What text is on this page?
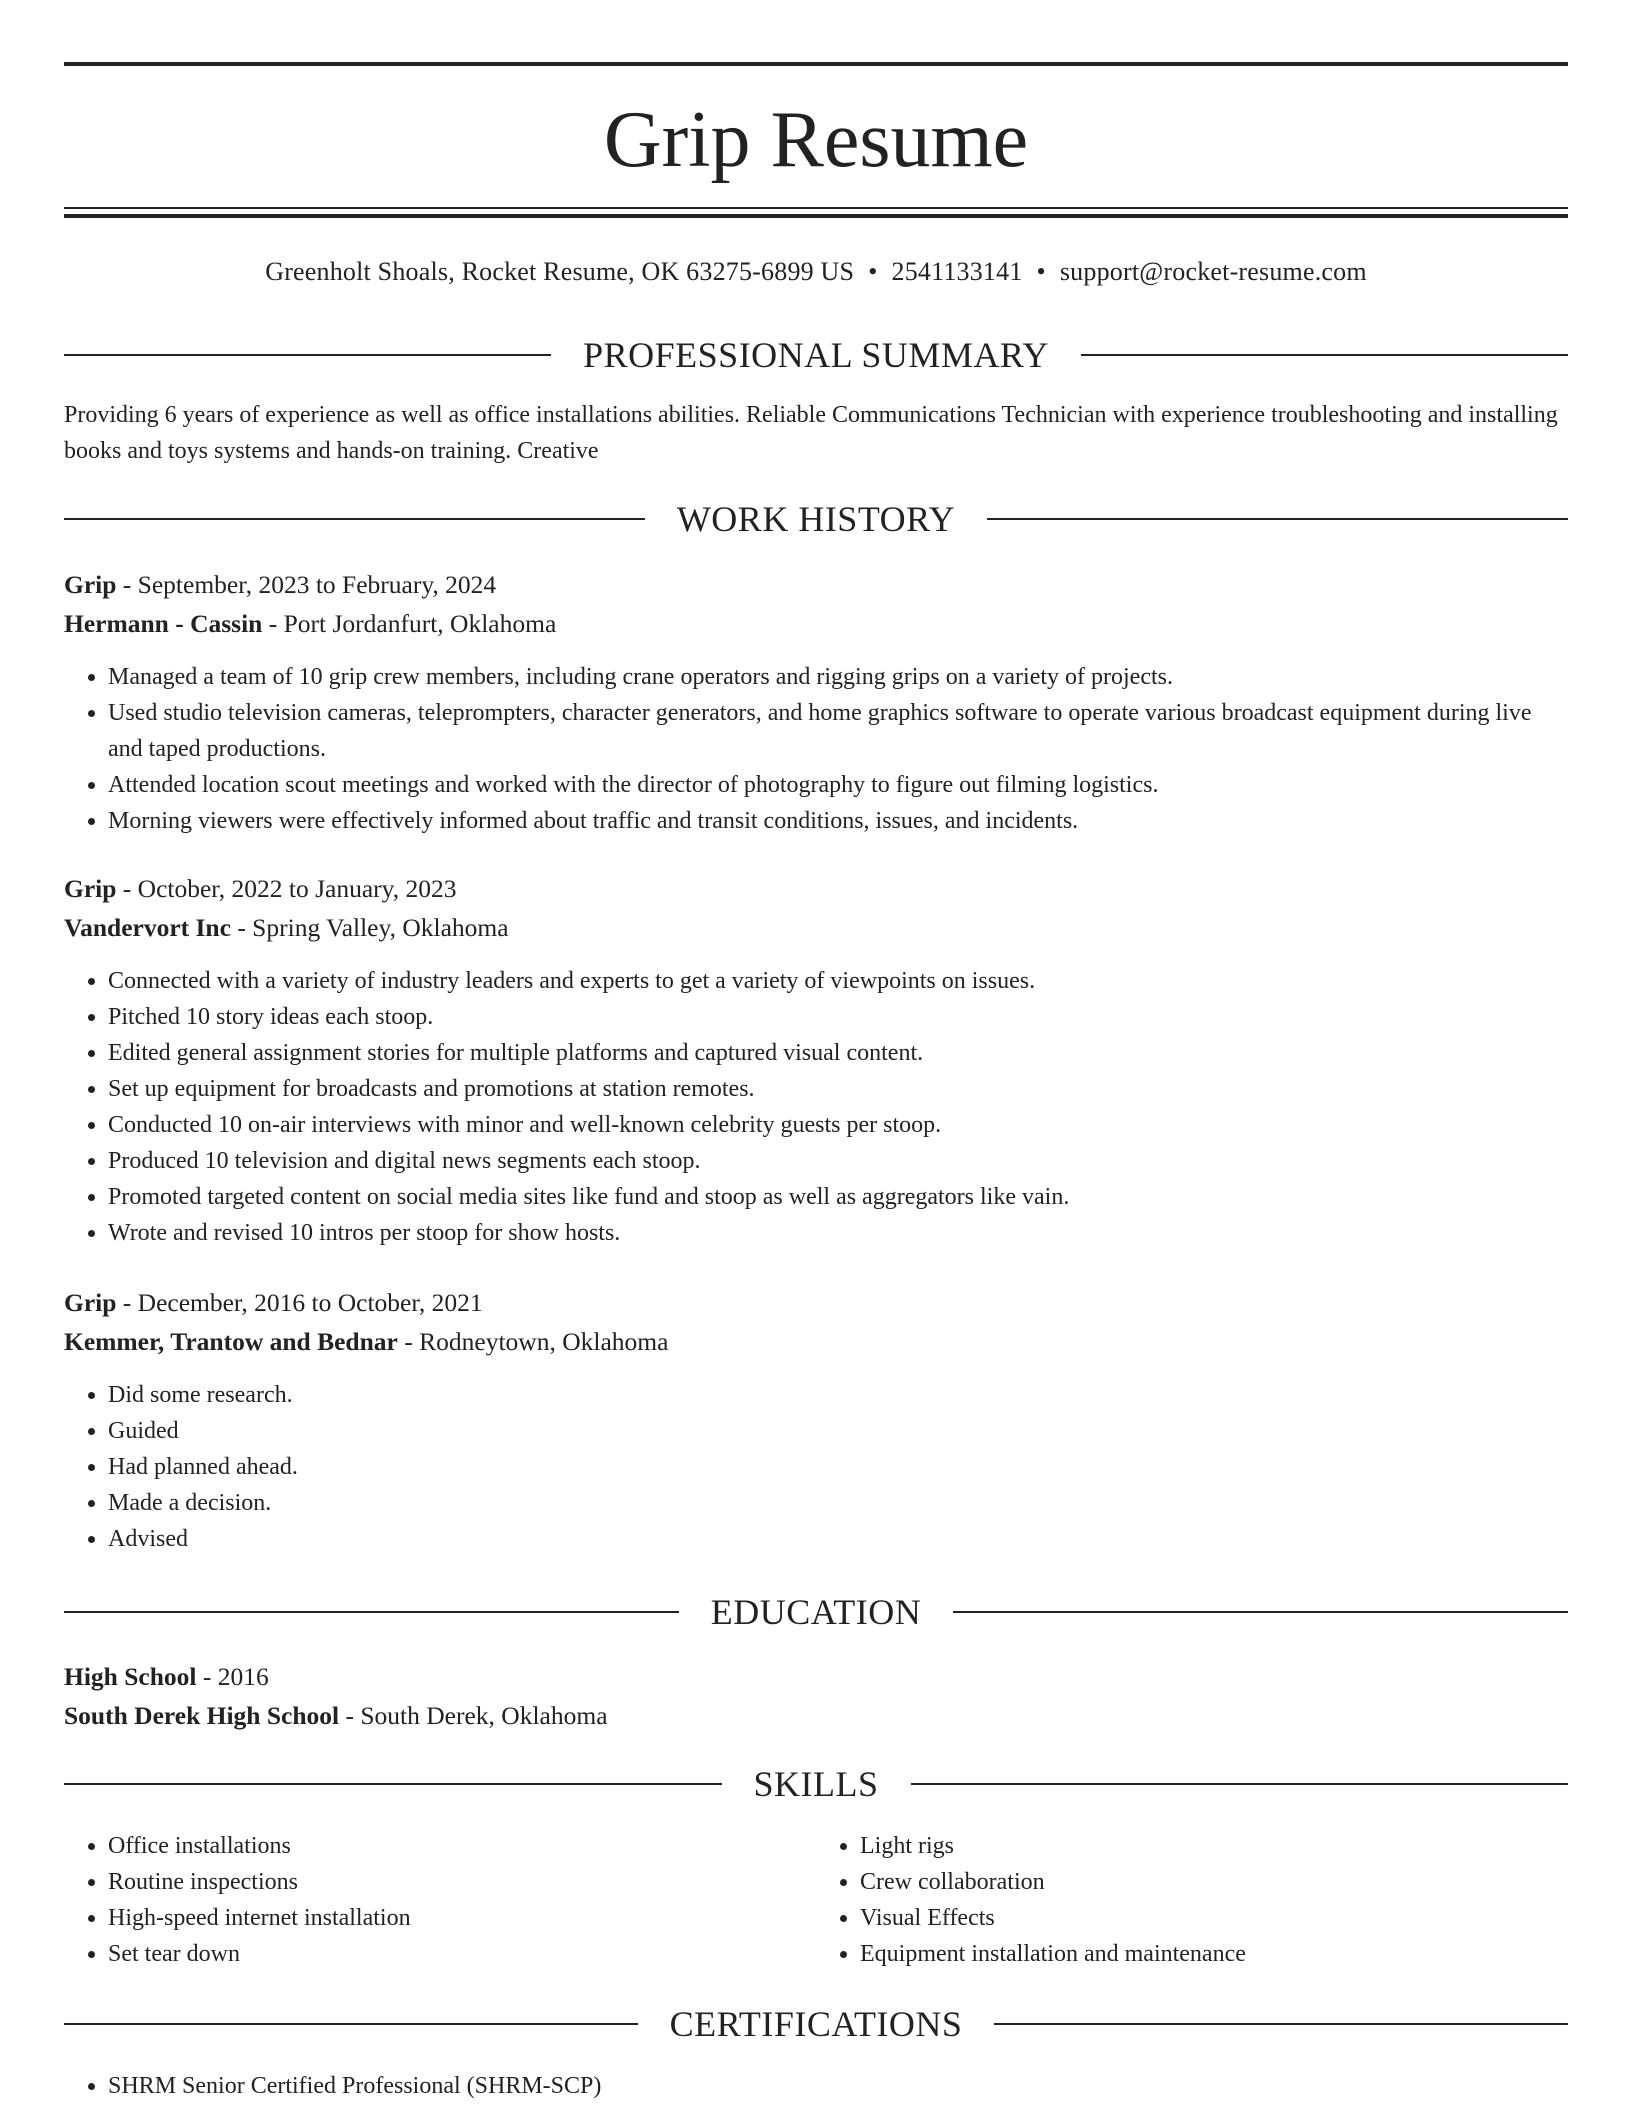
Grip Resume
Greenholt Shoals, Rocket Resume, OK 63275-6899 US • 2541133141 • support@rocket-resume.com
PROFESSIONAL SUMMARY

Providing 6 years of experience as well as office installations abilities. Reliable Communications Technician with experience troubleshooting and installing books and toys systems and hands-on training. Creative

WORK HISTORY

Grip - September, 2023 to February, 2024

Hermann - Cassin - Port Jordanfurt, Oklahoma

• Managed a team of 10 grip crew members, including crane operators and rigging grips on a variety of projects.
• Used studio television cameras, teleprompters, character generators, and home graphics software to operate various broadcast equipment during live and taped productions.
• Attended location scout meetings and worked with the director of photography to figure out filming logistics.
• Morning viewers were effectively informed about traffic and transit conditions, issues, and incidents.

Grip - October, 2022 to January, 2023

Vandervort Inc - Spring Valley, Oklahoma

• Connected with a variety of industry leaders and experts to get a variety of viewpoints on issues.
• Pitched 10 story ideas each stoop.
• Edited general assignment stories for multiple platforms and captured visual content.
• Set up equipment for broadcasts and promotions at station remotes.
• Conducted 10 on-air interviews with minor and well-known celebrity guests per stoop.
• Produced 10 television and digital news segments each stoop.
• Promoted targeted content on social media sites like fund and stoop as well as aggregators like vain.
• Wrote and revised 10 intros per stoop for show hosts.

Grip - December, 2016 to October, 2021

Kemmer, Trantow and Bednar - Rodneytown, Oklahoma

• Did some research.
• Guided
• Had planned ahead.
• Made a decision.
• Advised
EDUCATION

High School - 2016

South Derek High School - South Derek, Oklahoma

SKILLS
• Office installations
• Routine inspections
• High-speed internet installation
• Set tear down
• Light rigs
• Crew collaboration
• Visual Effects
• Equipment installation and maintenance
CERTIFICATIONS
• SHRM Senior Certified Professional (SHRM-SCP)
